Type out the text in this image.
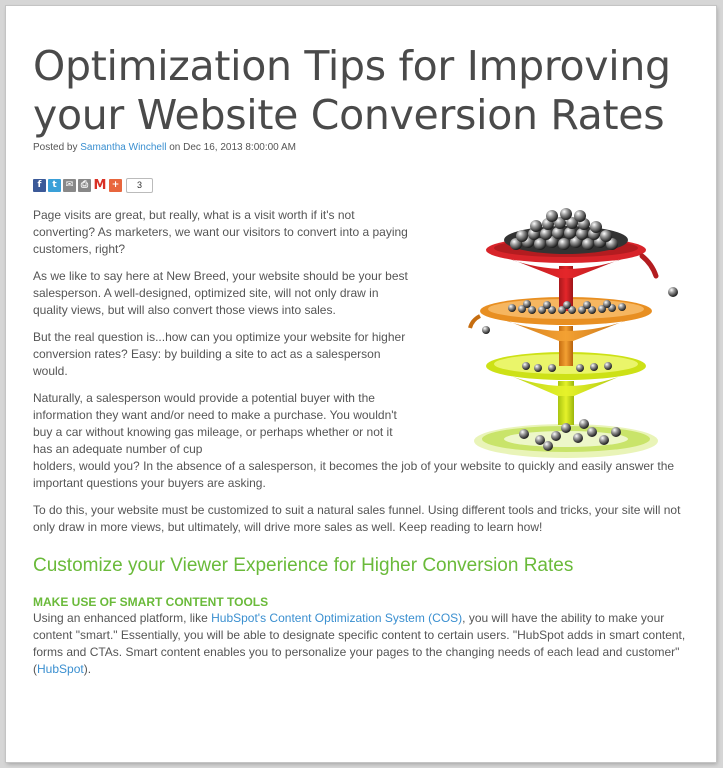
Optimization Tips for Improving
your Website Conversion Rates
Posted by Samantha Winchell on Dec 16, 2013 8:00:00 AM
f	t	✉ ⎙ M +	3

Page visits are great, but really, what is a visit worth if it's not converting? As marketers, we want our visitors to convert into a paying customers, right?

As we like to say here at New Breed, your website should be your best salesperson. A well-designed, optimized site, will not only draw in quality views, but will also convert those views into sales.

But the real question is...how can you optimize your website for higher conversion rates? Easy: by building a site to act as a salesperson would.

Naturally, a salesperson would provide a potential buyer with the information they want and/or need to make a purchase. You wouldn't buy a car without knowing gas mileage, or perhaps whether or not it has an adequate number of cup

holders, would you? In the absence of a salesperson, it becomes the job of your website to quickly and easily answer the important questions your buyers are asking.

To do this, your website must be customized to suit a natural sales funnel. Using different tools and tricks, your site will not only draw in more views, but ultimately, will drive more sales as well. Keep reading to learn how!

Customize your Viewer Experience for Higher Conversion Rates
MAKE USE OF SMART CONTENT TOOLS

Using an enhanced platform, like HubSpot's Content Optimization System (COS), you will have the ability to make your content "smart." Essentially, you will be able to designate specific content to certain users. "HubSpot adds in smart content, forms and CTAs. Smart content enables you to personalize your pages to the changing needs of each lead and customer" (HubSpot).
